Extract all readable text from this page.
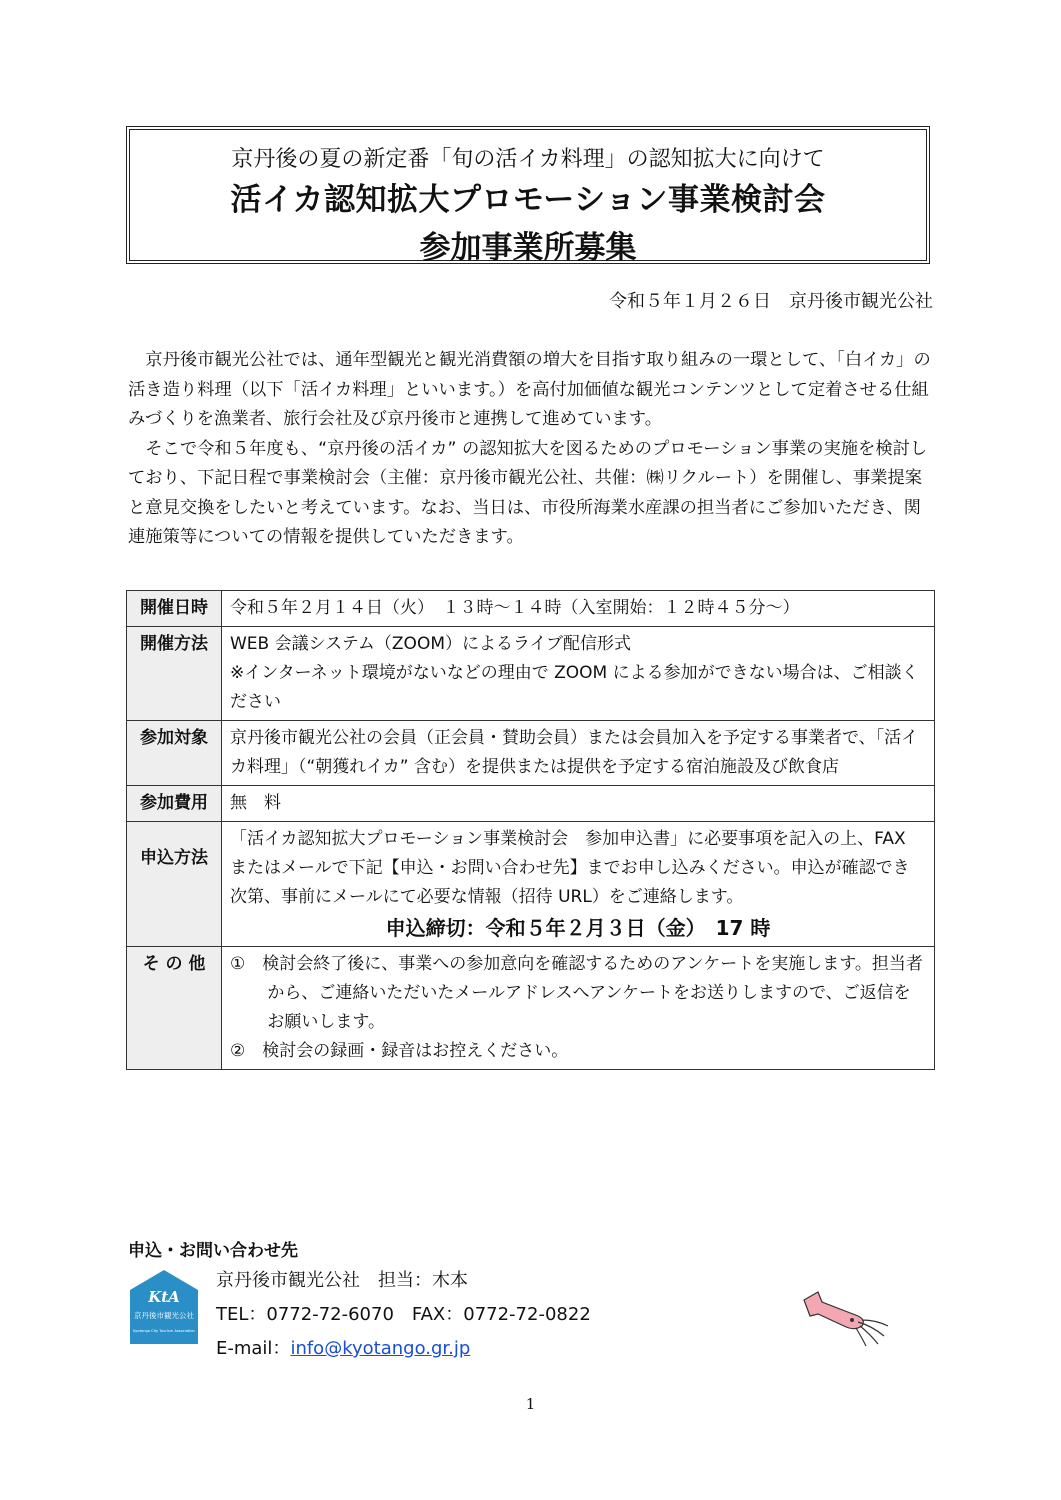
京丹後の夏の新定番「旬の活イカ料理」の認知拡大に向けて
活イカ認知拡大プロモーション事業検討会
参加事業所募集
令和５年１月２６日　京丹後市観光公社

京丹後市観光公社では、通年型観光と観光消費額の増大を目指す取り組みの一環として、「白イカ」の活き造り料理（以下「活イカ料理」といいます。）を高付加価値な観光コンテンツとして定着させる仕組みづくりを漁業者、旅行会社及び京丹後市と連携して進めています。

そこで令和５年度も、“京丹後の活イカ” の認知拡大を図るためのプロモーション事業の実施を検討しており、下記日程で事業検討会（主催：京丹後市観光公社、共催：㈱リクルート）を開催し、事業提案と意見交換をしたいと考えています。なお、当日は、市役所海業水産課の担当者にご参加いただき、関連施策等についての情報を提供していただきます。

開催日時	令和５年２月１４日（火）　１３時～１４時（入室開始：１２時４５分～）
開催方法	WEB 会議システム（ZOOM）によるライブ配信形式
※インターネット環境がないなどの理由で ZOOM による参加ができない場合は、ご相談ください

参加対象	京丹後市観光公社の会員（正会員・賛助会員）または会員加入を予定する事業者で、「活イカ料理」（“朝獲れイカ” 含む）を提供または提供を予定する宿泊施設及び飲食店
参加費用	無　料
申込方法	「活イカ認知拡大プロモーション事業検討会　参加申込書」に必要事項を記入の上、FAX またはメールで下記【申込・お問い合わせ先】までお申し込みください。申込が確認でき次第、事前にメールにて必要な情報（招待 URL）をご連絡します。
申込締切：令和５年２月３日（金）　17 時

そ の 他	①　検討会終了後に、事業への参加意向を確認するためのアンケートを実施します。担当者から、ご連絡いただいたメールアドレスへアンケートをお送りしますので、ご返信をお願いします。
②　検討会の録画・録音はお控えください。
申込・お問い合わせ先
KtA
京丹後市観光公社
Kyotango City Tourism Association
京丹後市観光公社　担当：木本
TEL：0772-72-6070　FAX：0772-72-0822
E-mail：info@kyotango.gr.jp
1
